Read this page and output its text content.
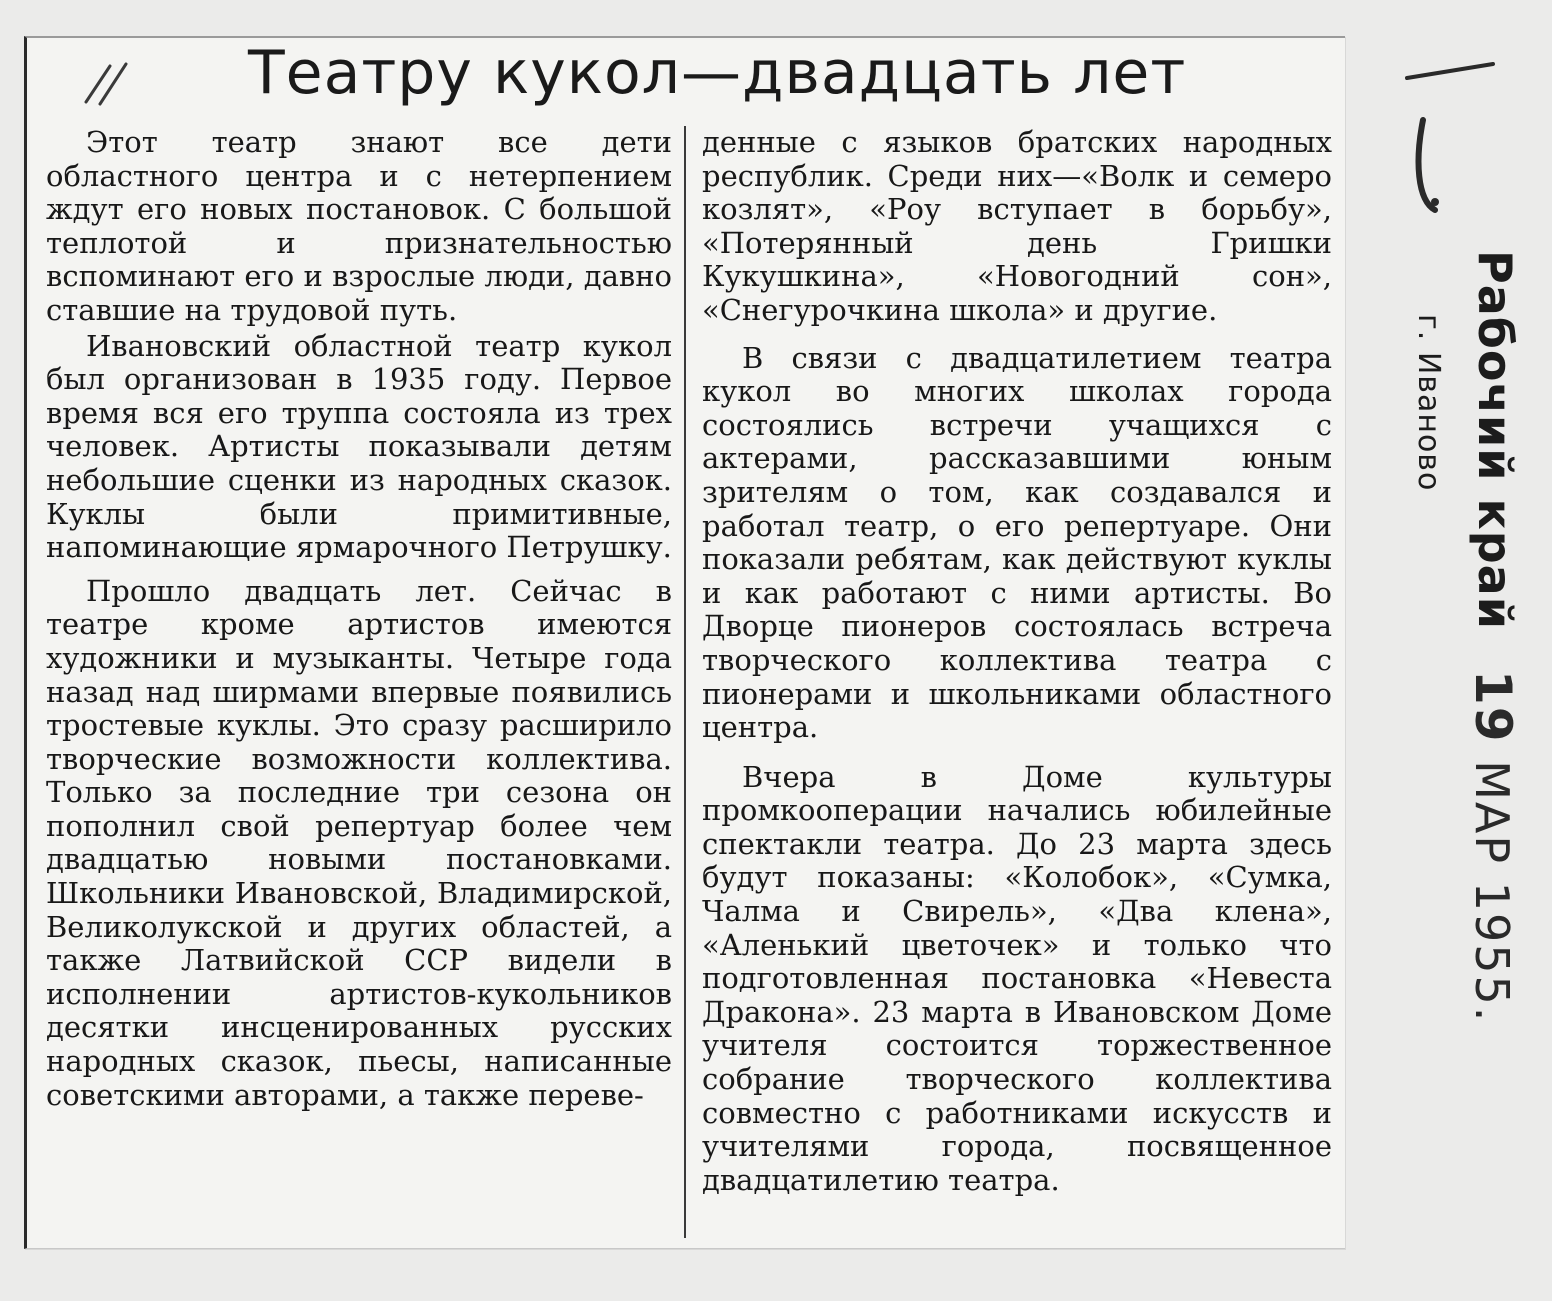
Театру кукол—двадцать лет

Этот театр знают все дети областного центра и с нетерпением ждут его новых постановок. С большой теплотой и признательностью вспоминают его и взрослые люди, давно ставшие на трудовой путь.

Ивановский областной театр кукол был организован в 1935 году. Первое время вся его труппа состояла из трех человек. Артисты показывали детям небольшие сценки из народных сказок. Куклы были примитивные, напоминающие ярмарочного Петрушку.

Прошло двадцать лет. Сейчас в театре кроме артистов имеются художники и музыканты. Четыре года назад над ширмами впервые появились тростевые куклы. Это сразу расширило творческие возможности коллектива. Только за последние три сезона он пополнил свой репертуар более чем двадцатью новыми постановками. Школьники Ивановской, Владимирской, Великолукской и других областей, а также Латвийской ССР видели в исполнении артистов-кукольников десятки инсценированных русских народных сказок, пьесы, написанные советскими авторами, а также переве-

денные с языков братских народных республик. Среди них—«Волк и семеро козлят», «Роу вступает в борьбу», «Потерянный день Гришки Кукушкина», «Новогодний сон», «Снегурочкина школа» и другие.

В связи с двадцатилетием театра кукол во многих школах города состоялись встречи учащихся с актерами, рассказавшими юным зрителям о том, как создавался и работал театр, о его репертуаре. Они показали ребятам, как действуют куклы и как работают с ними артисты. Во Дворце пионеров состоялась встреча творческого коллектива театра с пионерами и школьниками областного центра.

Вчера в Доме культуры промкооперации начались юбилейные спектакли театра. До 23 марта здесь будут показаны: «Колобок», «Сумка, Чалма и Свирель», «Два клена», «Аленький цветочек» и только что подготовленная постановка «Невеста Дракона». 23 марта в Ивановском Доме учителя состоится торжественное собрание творческого коллектива совместно с работниками искусств и учителями города, посвященное двадцатилетию театра.

Рабочий край
г. Иваново
19 МАР 1955.
